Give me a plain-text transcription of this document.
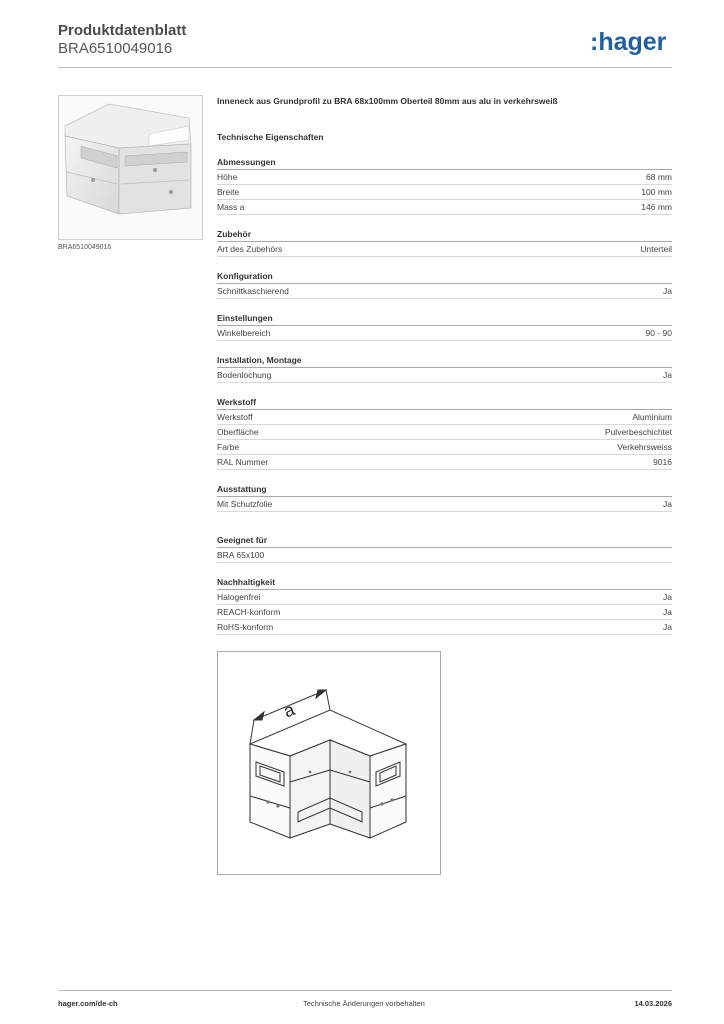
Produktdatenblatt
BRA6510049016	:hager
BRA6510049016

Inneneck aus Grundprofil zu BRA 68x100mm Oberteil 80mm aus alu in verkehrsweiß

Technische Eigenschaften
Abmessungen
Höhe	68 mm
Breite	100 mm
Mass a	146 mm
Zubehör
Art des Zubehörs	Unterteil
Konfiguration
Schnittkaschierend	Ja
Einstellungen
Winkelbereich	90 - 90
Installation, Montage
Bodenlochung	Ja
Werkstoff
Werkstoff	Aluminium
Oberfläche	Pulverbeschichtet
Farbe	Verkehrsweiss
RAL Nummer	9016
Ausstattung
Mit Schutzfolie	Ja
Geeignet für
BRA 65x100
Nachhaltigkeit
Halogenfrei	Ja
REACH-konform	Ja
RoHS-konform	Ja
a
hager.com/de-ch	Technische Änderungen vorbehalten	14.03.2026
